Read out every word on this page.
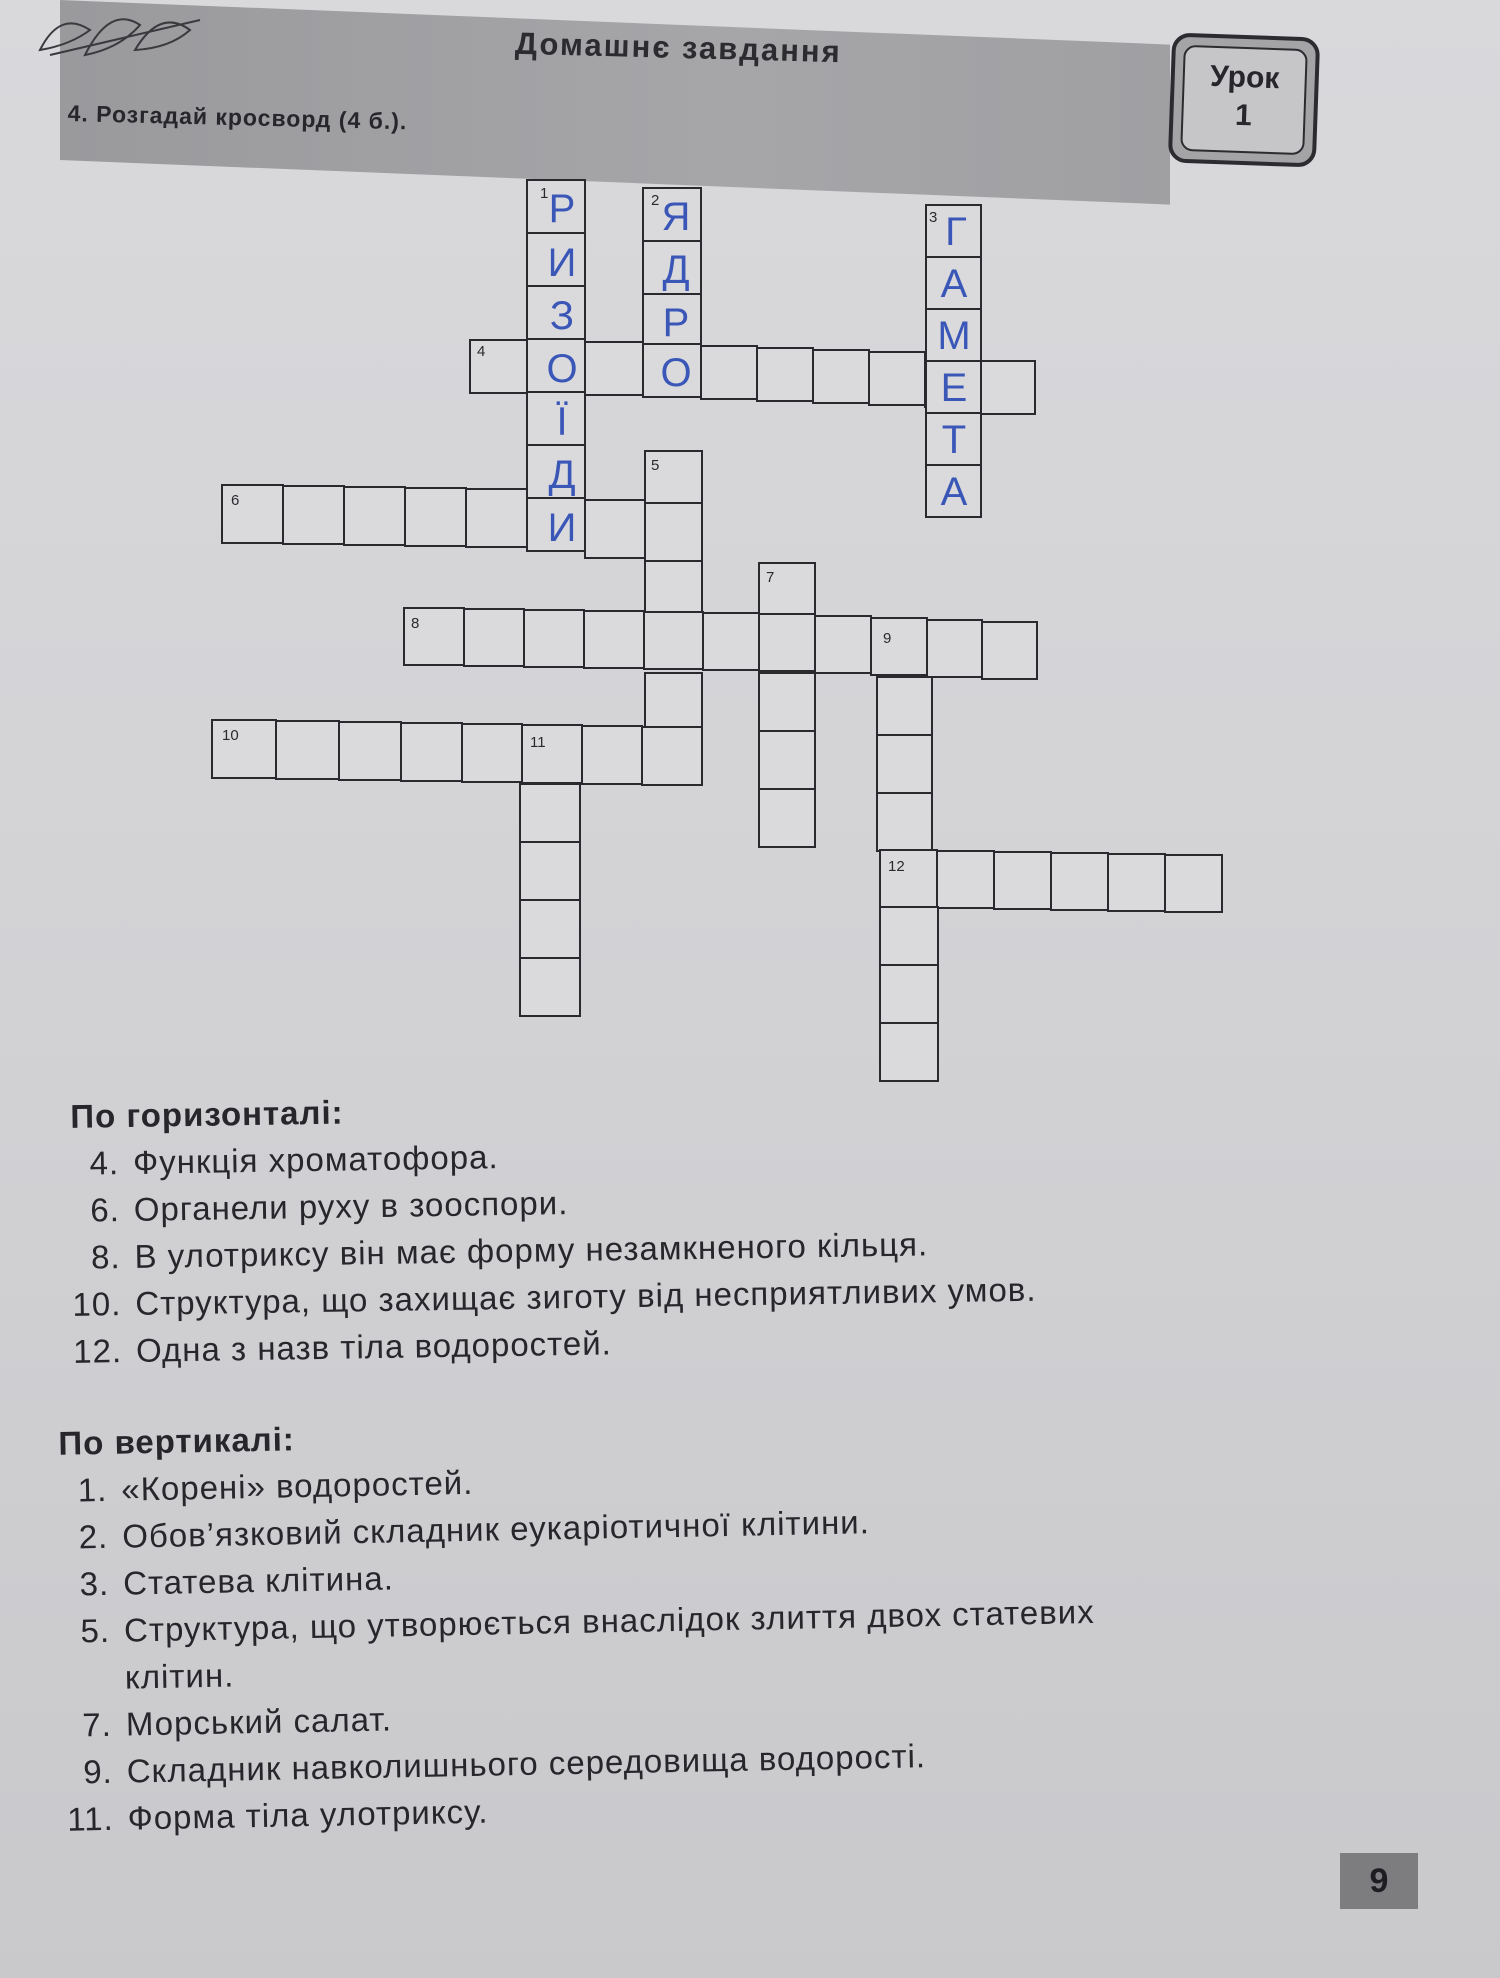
Домашнє завдання
Урок
1
4. Розгадай кросворд (4 б.).
1	2
3
4
5
6
7
8
9
10	11
12
Р
И
З
О
Ї
Д
И
Я
Д
Р
О
Г
А
М
Е
Т
А
По горизонталі:
4. Функція хроматофора.
6. Органели руху в зооспори.
8. В улотриксу він має форму незамкненого кільця.
10. Структура, що захищає зиготу від несприятливих умов.
12. Одна з назв тіла водоростей.
По вертикалі:
1. «Корені» водоростей.
2. Обов’язковий складник еукаріотичної клітини.
3. Статева клітина.
5. Структура, що утворюється внаслідок злиття двох статевих
клітин.
7. Морський салат.
9. Складник навколишнього середовища водорості.
11. Форма тіла улотриксу.
9
